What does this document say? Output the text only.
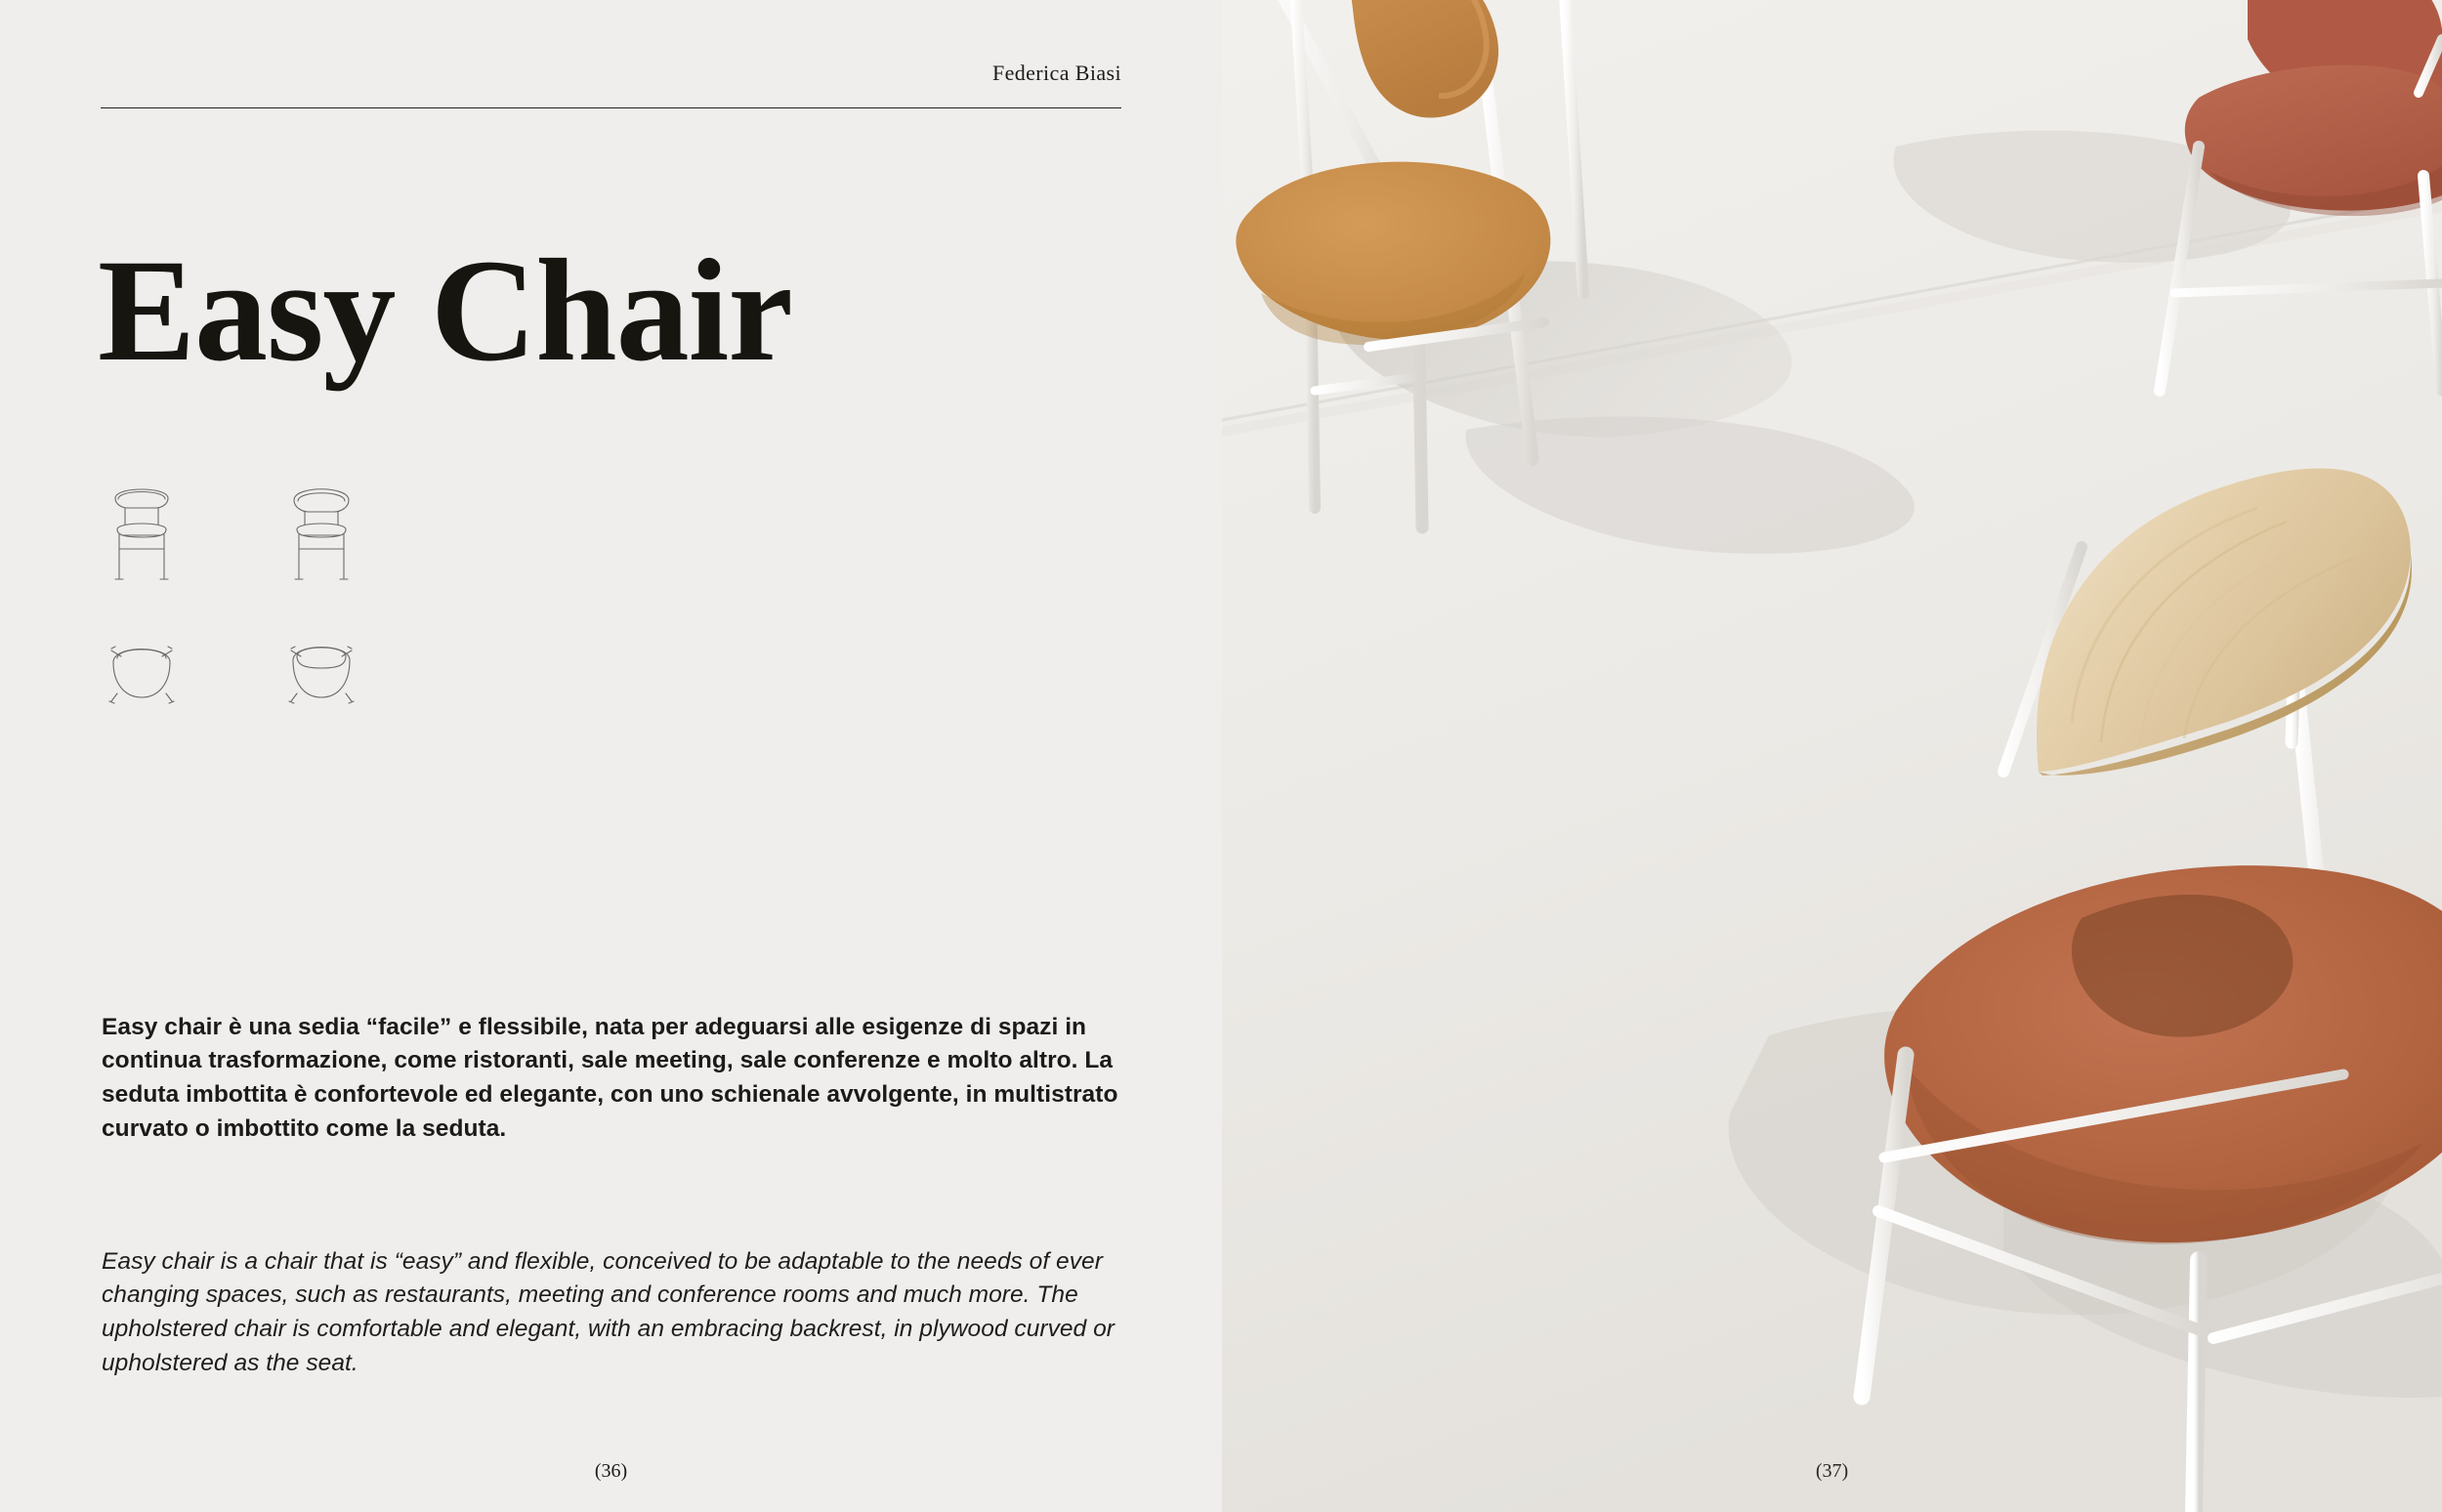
Federica Biasi
Easy Chair

Easy chair è una sedia “facile” e flessibile, nata per adeguarsi alle esigenze di spazi in continua trasformazione, come ristoranti, sale meeting, sale conferenze e molto altro. La seduta imbottita è confortevole ed elegante, con uno schienale avvolgente, in multistrato curvato o imbottito come la seduta.

Easy chair is a chair that is “easy” and flexible, conceived to be adaptable to the needs of ever changing spaces, such as restaurants, meeting and conference rooms and much more. The upholstered chair is comfortable and elegant, with an embracing backrest, in plywood curved or upholstered as the seat.

(36)	(37)
